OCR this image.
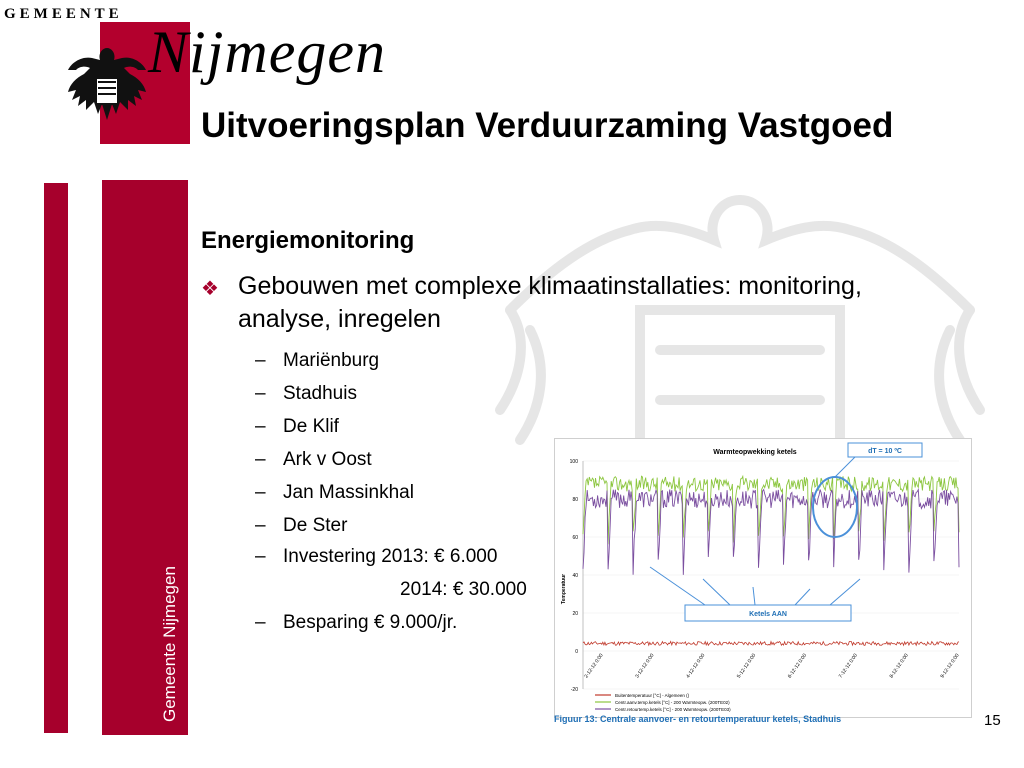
GEMEENTE
Nijmegen
Uitvoeringsplan Verduurzaming Vastgoed
Gemeente Nijmegen
Energiemonitoring
❖ Gebouwen met complexe klimaatinstallaties: monitoring, analyse, inregelen
– Mariënburg
– Stadhuis
– De Klif
– Ark v Oost
– Jan Massinkhal
– De Ster
– Investering 2013: € 6.000
2014: € 30.000
– Besparing € 9.000/jr.
Warmteopwekking ketels
Temperatuur
100
80
60
40
20
0
-20
2-12-12 0:00	3-12-12 0:00	4-12-12 0:00	5-12-12 0:00	6-12-12 0:00	7-12-12 0:00	8-12-12 0:00	9-12-12 0:00
dT = 10 ºC
Ketels AAN
Buitentemperatuur [°C] - Algemeen ()
Centr.aanv.temp.ketels [°C] - 200 Warmteopw. (200TE02)
Centr.retourtemp.ketels [°C] - 200 Warmteopw. (200TE03)
Figuur 13: Centrale aanvoer- en retourtemperatuur ketels, Stadhuis	15
